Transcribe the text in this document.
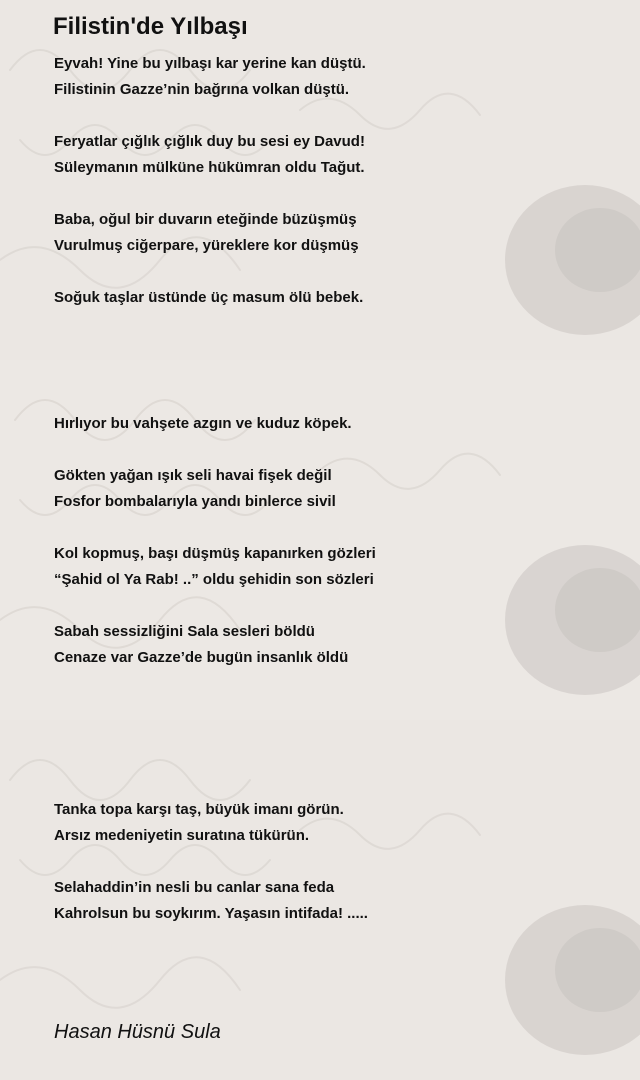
Filistin'de Yılbaşı
Eyvah! Yine bu yılbaşı kar yerine kan düştü.
Filistinin Gazze’nin bağrına volkan düştü.
Feryatlar çığlık çığlık duy bu sesi ey Davud!
Süleymanın mülküne hükümran oldu Tağut.
Baba, oğul bir duvarın eteğinde büzüşmüş
Vurulmuş ciğerpare, yüreklere kor düşmüş
Soğuk taşlar üstünde üç masum ölü bebek.
Hırlıyor bu vahşete azgın ve kuduz köpek.
Gökten yağan ışık seli havai fişek değil
Fosfor bombalarıyla yandı binlerce sivil
Kol kopmuş, başı düşmüş kapanırken gözleri
“Şahid ol Ya Rab! ..” oldu şehidin son sözleri
Sabah sessizliğini Sala sesleri böldü
Cenaze var Gazze’de bugün insanlık öldü
Tanka topa karşı taş, büyük imanı görün.
Arsız medeniyetin suratına tükürün.
Selahaddin’in nesli bu canlar sana feda
Kahrolsun bu soykırım. Yaşasın intifada! .....
Hasan Hüsnü Sula
